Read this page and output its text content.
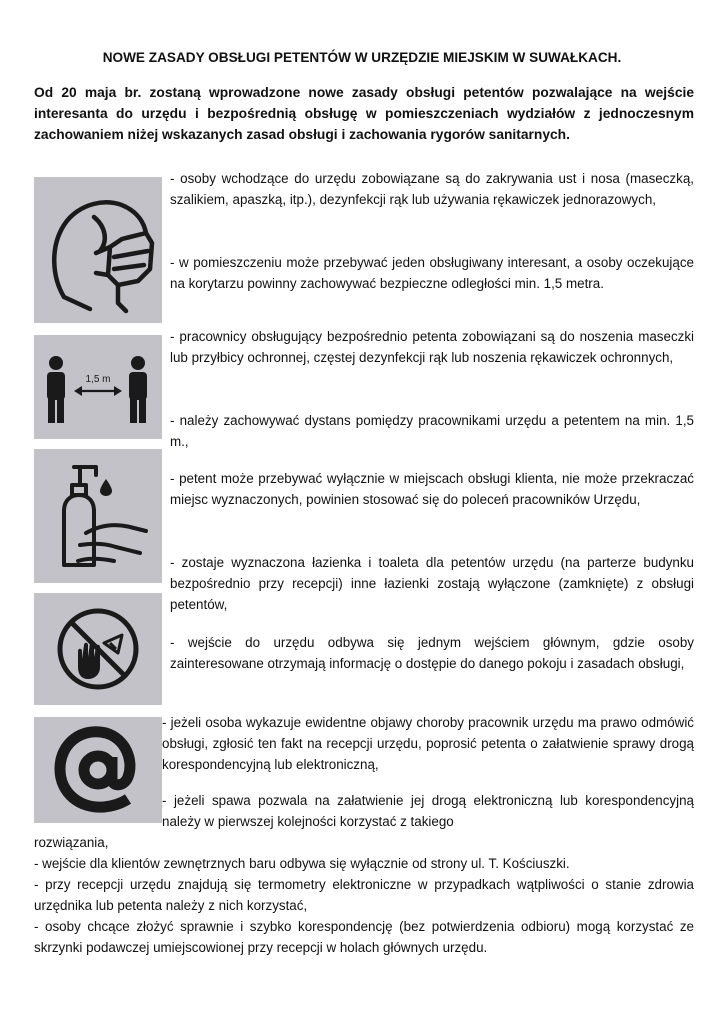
NOWE ZASADY OBSŁUGI PETENTÓW W URZĘDZIE MIEJSKIM W SUWAŁKACH.
Od 20 maja br. zostaną wprowadzone nowe zasady obsługi petentów pozwalające na wejście interesanta do urzędu i bezpośrednią obsługę w pomieszczeniach wydziałów z jednoczesnym zachowaniem niżej wskazanych zasad obsługi i zachowania rygorów sanitarnych.
1,5 m
- osoby wchodzące do urzędu zobowiązane są do zakrywania ust i nosa (maseczką, szalikiem, apaszką, itp.), dezynfekcji rąk lub używania rękawiczek jednorazowych,
- w pomieszczeniu może przebywać jeden obsługiwany interesant, a osoby oczekujące na korytarzu powinny zachowywać bezpieczne odległości min. 1,5 metra.
- pracownicy obsługujący bezpośrednio petenta zobowiązani są do noszenia maseczki lub przyłbicy ochronnej, częstej dezynfekcji rąk lub noszenia rękawiczek ochronnych,
- należy zachowywać dystans pomiędzy pracownikami urzędu a petentem na min. 1,5 m.,
- petent może przebywać wyłącznie w miejscach obsługi klienta, nie może przekraczać miejsc wyznaczonych, powinien stosować się do poleceń pracowników Urzędu,
- zostaje wyznaczona łazienka i toaleta dla petentów urzędu (na parterze budynku bezpośrednio przy recepcji) inne łazienki zostają wyłączone (zamknięte) z obsługi petentów,
- wejście do urzędu odbywa się jednym wejściem głównym, gdzie osoby zainteresowane otrzymają informację o dostępie do danego pokoju i zasadach obsługi,
- jeżeli osoba wykazuje ewidentne objawy choroby pracownik urzędu ma prawo odmówić obsługi, zgłosić ten fakt na recepcji urzędu, poprosić petenta o załatwienie sprawy drogą korespondencyjną lub elektroniczną,
- jeżeli spawa pozwala na załatwienie jej drogą elektroniczną lub korespondencyjną należy w pierwszej kolejności korzystać z takiego

rozwiązania,

- wejście dla klientów zewnętrznych baru odbywa się wyłącznie od strony ul. T. Kościuszki.

- przy recepcji urzędu znajdują się termometry elektroniczne w przypadkach wątpliwości o stanie zdrowia urzędnika lub petenta należy z nich korzystać,

- osoby chcące złożyć sprawnie i szybko korespondencję (bez potwierdzenia odbioru) mogą korzystać ze skrzynki podawczej umiejscowionej przy recepcji w holach głównych urzędu.
